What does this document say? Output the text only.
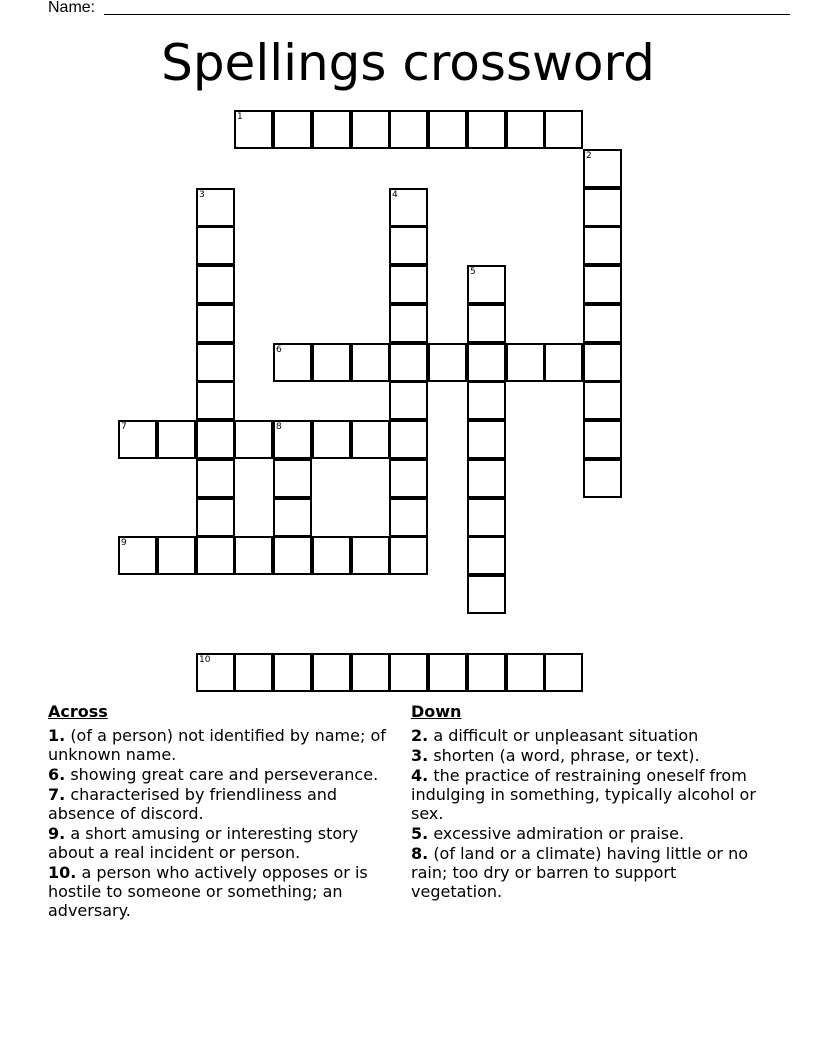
Name:
Spellings crossword
1
2
3	4
5
6
7	8
9
10
Across
1. (of a person) not identified by name; of unknown name.
6. showing great care and perseverance.
7. characterised by friendliness and absence of discord.
9. a short amusing or interesting story about a real incident or person.
10. a person who actively opposes or is hostile to someone or something; an adversary.
Down
2. a difficult or unpleasant situation
3. shorten (a word, phrase, or text).
4. the practice of restraining oneself from indulging in something, typically alcohol or sex.
5. excessive admiration or praise.
8. (of land or a climate) having little or no rain; too dry or barren to support vegetation.
